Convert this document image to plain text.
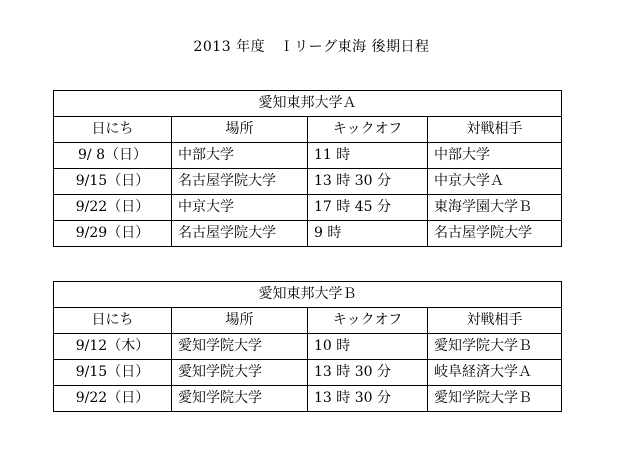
2013 年度　Ｉリーグ東海 後期日程
愛知東邦大学Ａ			
日にち	場所	キックオフ	対戦相手
9/ 8（日）	中部大学	11 時	中部大学
9/15（日）	名古屋学院大学	13 時 30 分	中京大学Ａ
9/22（日）	中京大学	17 時 45 分	東海学園大学Ｂ
9/29（日）	名古屋学院大学	9 時	名古屋学院大学
愛知東邦大学Ｂ			
日にち	場所	キックオフ	対戦相手
9/12（木）	愛知学院大学	10 時	愛知学院大学Ｂ
9/15（日）	愛知学院大学	13 時 30 分	岐阜経済大学Ａ
9/22（日）	愛知学院大学	13 時 30 分	愛知学院大学Ｂ
